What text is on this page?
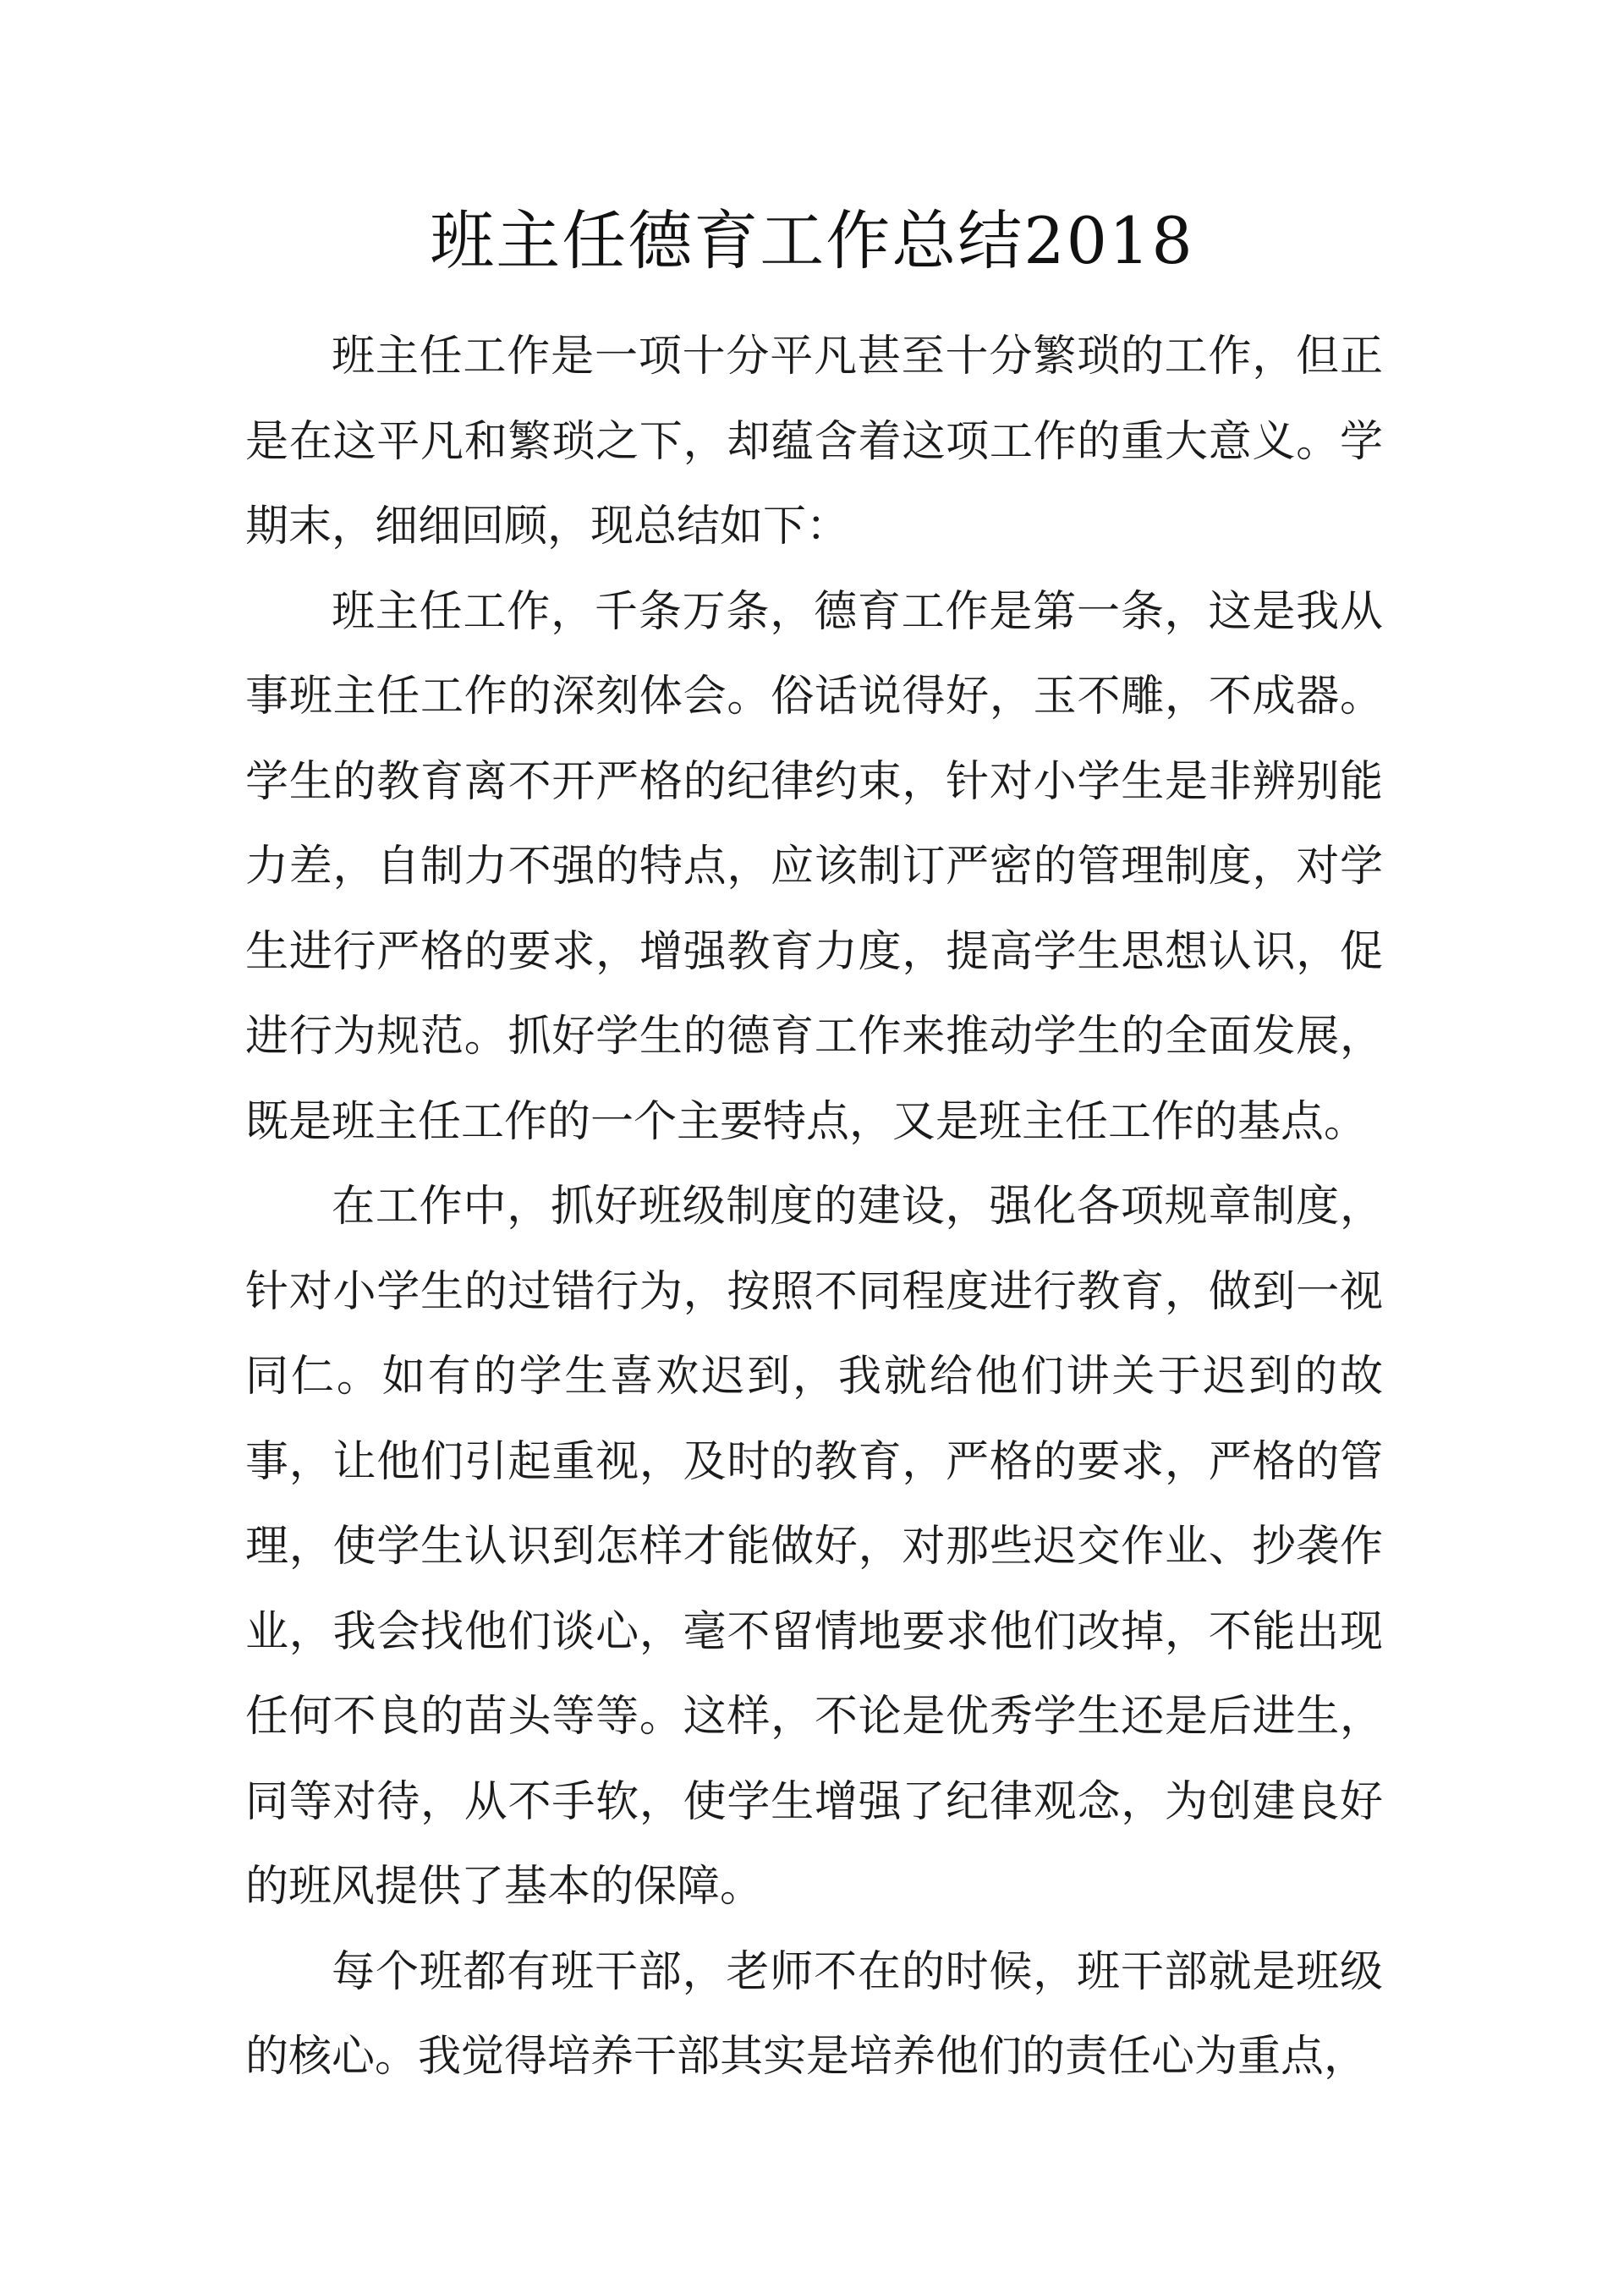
班主任德育工作总结2018

班主任工作是一项十分平凡甚至十分繁琐的工作，但正是在这平凡和繁琐之下，却蕴含着这项工作的重大意义。学期末，细细回顾，现总结如下：

班主任工作，千条万条，德育工作是第一条，这是我从事班主任工作的深刻体会。俗话说得好，玉不雕，不成器。学生的教育离不开严格的纪律约束，针对小学生是非辨别能力差，自制力不强的特点，应该制订严密的管理制度，对学生进行严格的要求，增强教育力度，提高学生思想认识，促进行为规范。抓好学生的德育工作来推动学生的全面发展，既是班主任工作的一个主要特点，又是班主任工作的基点。

在工作中，抓好班级制度的建设，强化各项规章制度，针对小学生的过错行为，按照不同程度进行教育，做到一视同仁。如有的学生喜欢迟到，我就给他们讲关于迟到的故事，让他们引起重视，及时的教育，严格的要求，严格的管理，使学生认识到怎样才能做好，对那些迟交作业、抄袭作业，我会找他们谈心，毫不留情地要求他们改掉，不能出现任何不良的苗头等等。这样，不论是优秀学生还是后进生，同等对待，从不手软，使学生增强了纪律观念，为创建良好的班风提供了基本的保障。

每个班都有班干部，老师不在的时候，班干部就是班级的核心。我觉得培养干部其实是培养他们的责任心为重点，
